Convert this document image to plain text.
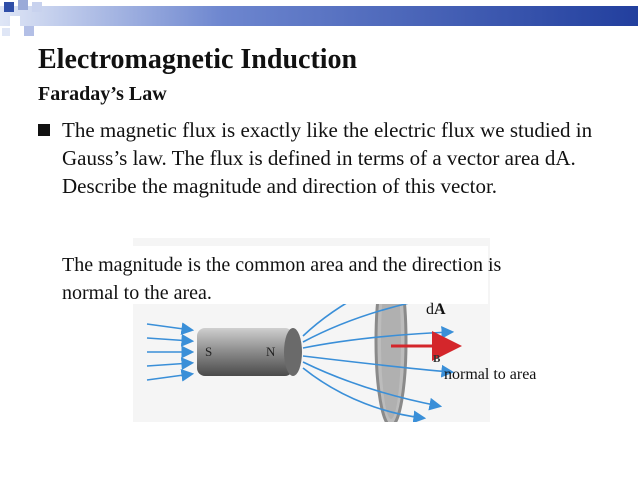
Electromagnetic Induction
Faraday’s Law
The magnetic flux is exactly like the electric flux we studied in Gauss’s law. The flux is defined in terms of a vector area dA. Describe the magnitude and direction of this vector.
S	N	B
The magnitude is the common area and the direction is normal to the area.
dA
normal to area
